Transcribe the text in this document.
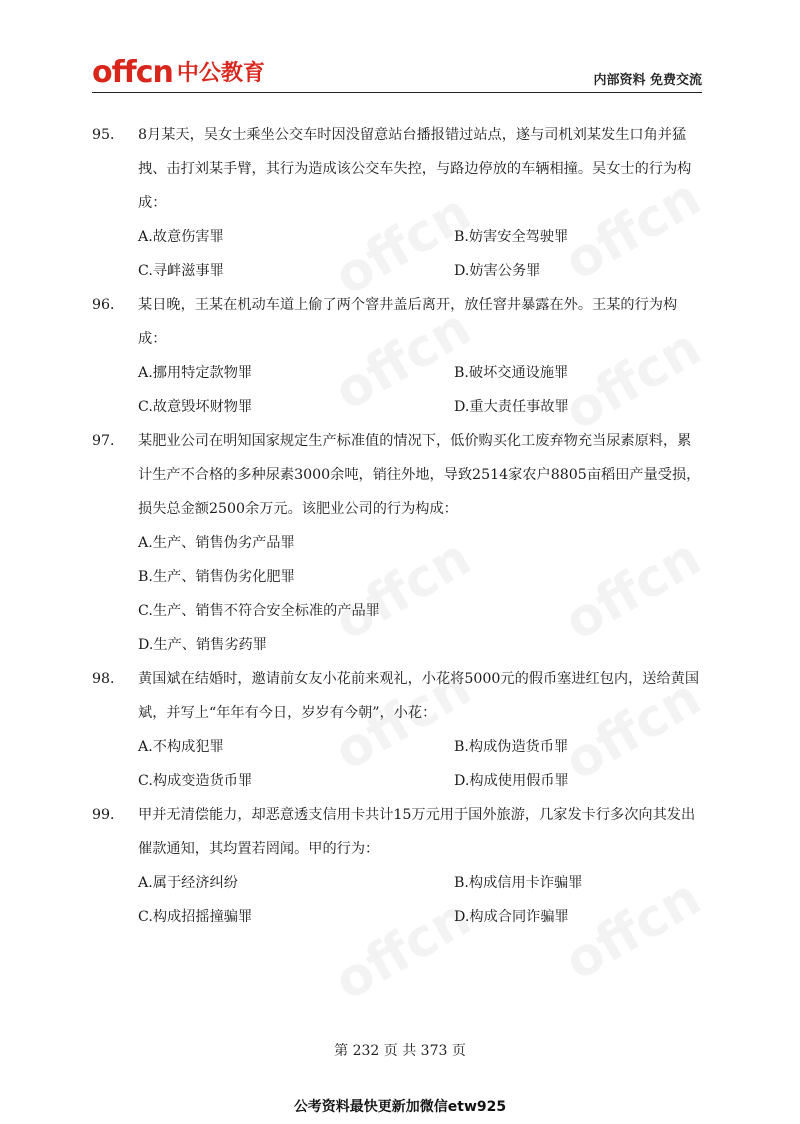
offcn 中公教育	内部资料 免费交流
95． 8月某天，吴女士乘坐公交车时因没留意站台播报错过站点，遂与司机刘某发生口角并猛拽、击打刘某手臂，其行为造成该公交车失控，与路边停放的车辆相撞。吴女士的行为构成：
A.故意伤害罪	B.妨害安全驾驶罪
C.寻衅滋事罪	D.妨害公务罪
96． 某日晚，王某在机动车道上偷了两个窨井盖后离开，放任窨井暴露在外。王某的行为构成：
A.挪用特定款物罪	B.破坏交通设施罪
C.故意毁坏财物罪	D.重大责任事故罪
97． 某肥业公司在明知国家规定生产标准值的情况下，低价购买化工废弃物充当尿素原料，累计生产不合格的多种尿素3000余吨，销往外地，导致2514家农户8805亩稻田产量受损，损失总金额2500余万元。该肥业公司的行为构成：
A.生产、销售伪劣产品罪
B.生产、销售伪劣化肥罪
C.生产、销售不符合安全标准的产品罪
D.生产、销售劣药罪
98． 黄国斌在结婚时，邀请前女友小花前来观礼，小花将5000元的假币塞进红包内，送给黄国斌，并写上“年年有今日，岁岁有今朝”，小花：
A.不构成犯罪	B.构成伪造货币罪
C.构成变造货币罪	D.构成使用假币罪
99． 甲并无清偿能力，却恶意透支信用卡共计15万元用于国外旅游，几家发卡行多次向其发出催款通知，其均置若罔闻。甲的行为：
A.属于经济纠纷	B.构成信用卡诈骗罪
C.构成招摇撞骗罪	D.构成合同诈骗罪
第 232 页 共 373 页
公考资料最快更新加微信etw925
